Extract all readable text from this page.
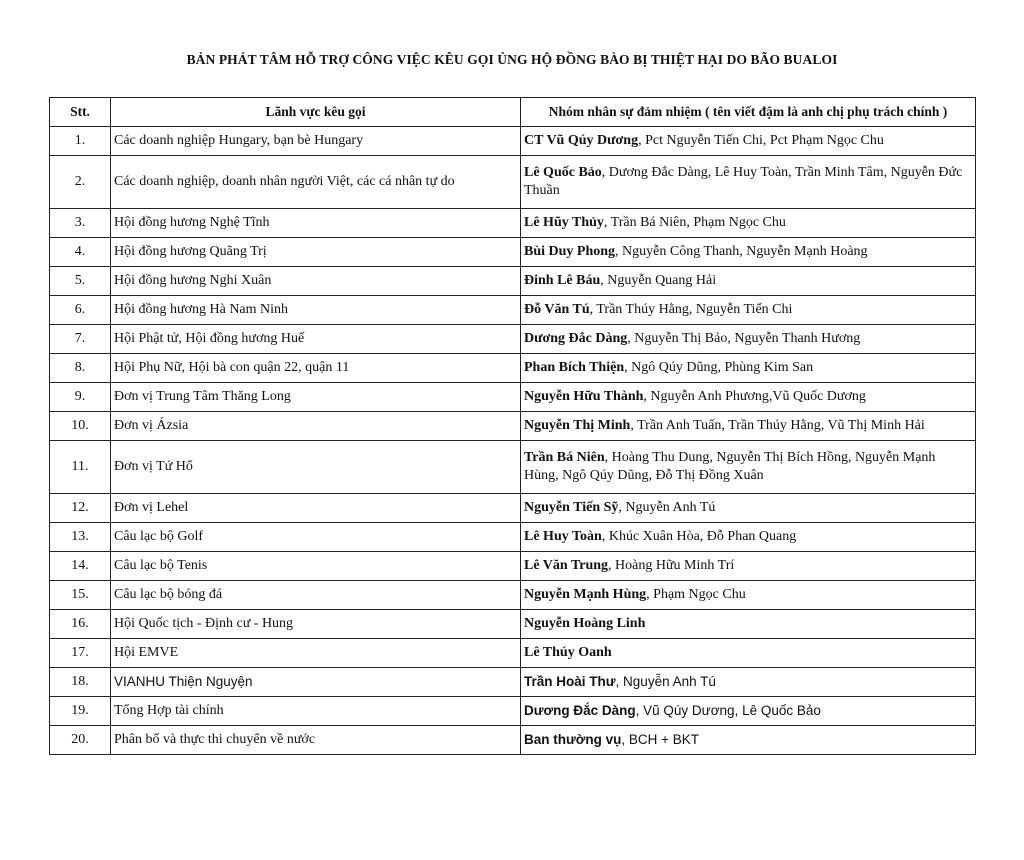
BẢN PHÁT TÂM HỖ TRỢ CÔNG VIỆC KÊU GỌI ỦNG HỘ ĐỒNG BÀO BỊ THIỆT HẠI DO BÃO BUALOI
Stt.	Lãnh vực kêu gọi	Nhóm nhân sự đảm nhiệm ( tên viết đậm là anh chị phụ trách chính )
1.	Các doanh nghiệp Hungary, bạn bè Hungary	CT Vũ Qúy Dương, Pct Nguyễn Tiến Chi, Pct Phạm Ngọc Chu
2.	Các doanh nghiệp, doanh nhân người Việt, các cá nhân tự do	Lê Quốc Bảo, Dương Đắc Dàng, Lê Huy Toàn, Trần Minh Tâm, Nguyễn Đức Thuần
3.	Hội đồng hương Nghệ Tĩnh	Lê Hũy Thủy, Trần Bá Niên, Phạm Ngọc Chu
4.	Hội đồng hương Quãng Trị	Bùi Duy Phong, Nguyễn Công Thanh, Nguyễn Mạnh Hoàng
5.	Hội đồng hương Nghi Xuân	Đinh Lê Báu, Nguyễn Quang Hải
6.	Hội đồng hương Hà Nam Ninh	Đỗ Văn Tú, Trần Thúy Hằng, Nguyễn Tiến Chi
7.	Hội Phật tử, Hội đồng hương Huế	Dương Đắc Dàng, Nguyễn Thị Bảo, Nguyễn Thanh Hương
8.	Hội Phụ Nữ, Hội bà con quận 22, quận 11	Phan Bích Thiện, Ngô Qúy Dũng, Phùng Kim San
9.	Đơn vị Trung Tâm Thăng Long	Nguyễn Hữu Thành, Nguyễn Anh Phương,Vũ Quốc Dương
10.	Đơn vị Ázsia	Nguyễn Thị Minh, Trần Anh Tuấn, Trần Thúy Hằng, Vũ Thị Minh Hải
11.	Đơn vị Tứ Hổ	Trần Bá Niên, Hoàng Thu Dung, Nguyễn Thị Bích Hồng, Nguyễn Mạnh Hùng, Ngô Qúy Dũng, Đỗ Thị Đồng Xuân
12.	Đơn vị Lehel	Nguyễn Tiến Sỹ, Nguyễn Anh Tú
13.	Câu lạc bộ Golf	Lê Huy Toàn, Khúc Xuân Hòa, Đỗ Phan Quang
14.	Câu lạc bộ Tenis	Lê Văn Trung, Hoàng Hữu Minh Trí
15.	Câu lạc bộ bóng đá	Nguyễn Mạnh Hùng, Phạm Ngọc Chu
16.	Hội Quốc tịch - Định cư - Hung	Nguyễn Hoàng Linh
17.	Hội EMVE	Lê Thúy Oanh
18.	VIANHU Thiện Nguyện	Trần Hoài Thư, Nguyễn Anh Tú
19.	Tổng Hợp tài chính	Dương Đắc Dàng, Vũ Qúy Dương, Lê Quốc Bảo
20.	Phân bổ và thực thi chuyển về nước	Ban thường vụ, BCH + BKT
